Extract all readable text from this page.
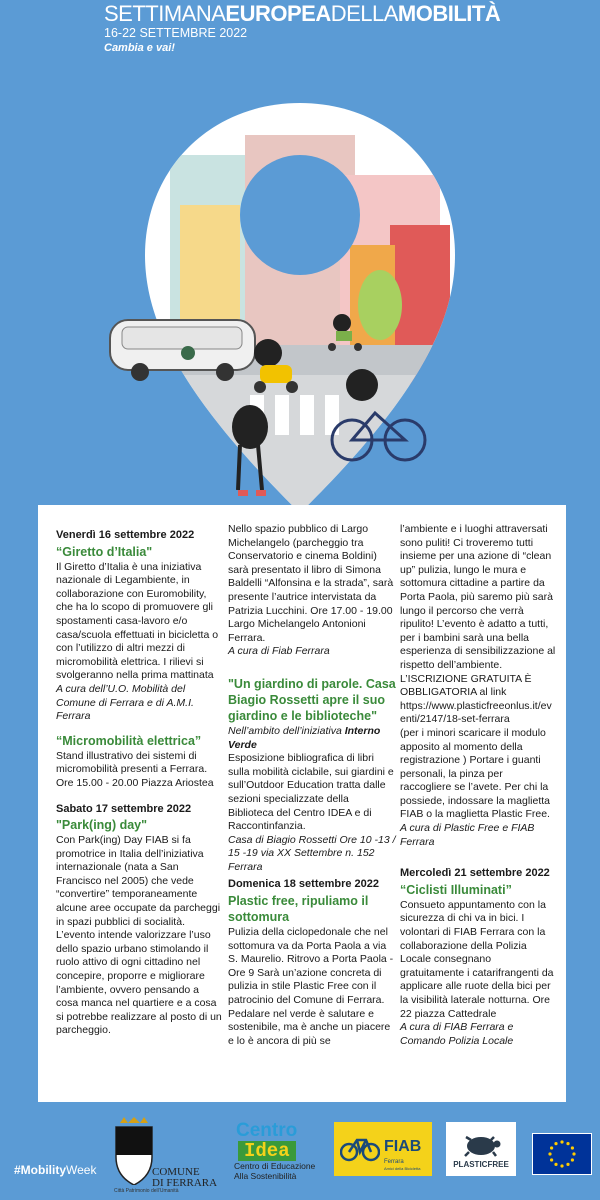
SETTIMANAEUROPEADELLAMOBILITÀ
16-22 SETTEMBRE 2022
Cambia e vai!
Venerdì 16 settembre 2022
“Giretto d’Italia"
Il Giretto d’Italia è una iniziativa nazionale di Legambiente, in collaborazione con Euromobility, che ha lo scopo di promuovere gli spostamenti casa-lavoro e/o casa/scuola effettuati in bicicletta o con l’utilizzo di altri mezzi di micromobilità elettrica. I rilievi si svolgeranno nella prima mattinata
A cura dell’U.O. Mobilità del Comune di Ferrara e di A.M.I. Ferrara
“Micromobilità elettrica”
Stand illustrativo dei sistemi di micromobilità presenti a Ferrara. Ore 15.00 - 20.00 Piazza Ariostea
Sabato 17 settembre 2022
"Park(ing) day"
Con Park(ing) Day FIAB si fa promotrice in Italia dell’iniziativa internazionale (nata a San Francisco nel 2005) che vede “convertire” temporaneamente alcune aree occupate da parcheggi in spazi pubblici di socialità. L’evento intende valorizzare l’uso dello spazio urbano stimolando il ruolo attivo di ogni cittadino nel concepire, proporre e migliorare l’ambiente, ovvero pensando a cosa manca nel quartiere e a cosa si potrebbe realizzare al posto di un parcheggio.
Nello spazio pubblico di Largo Michelangelo (parcheggio tra Conservatorio e cinema Boldini) sarà presentato il libro di Simona Baldelli “Alfonsina e la strada”, sarà presente l’autrice intervistata da Patrizia Lucchini. Ore 17.00 - 19.00 Largo Michelangelo Antonioni Ferrara.
A cura di Fiab Ferrara
"Un giardino di parole. Casa Biagio Rossetti apre il suo giardino e le biblioteche"
Nell’ambito dell’iniziativa Interno Verde
Esposizione bibliografica di libri sulla mobilità ciclabile, sui giardini e sull’Outdoor Education tratta dalle sezioni specializzate della Biblioteca del Centro IDEA e di Raccontinfanzia.
Casa di Biagio Rossetti Ore 10 -13 / 15 -19 via XX Settembre n. 152 Ferrara
Domenica 18 settembre 2022
Plastic free, ripuliamo il sottomura
Pulizia della ciclopedonale che nel sottomura va da Porta Paola a via S. Maurelio. Ritrovo a Porta Paola - Ore 9 Sarà un’azione concreta di pulizia in stile Plastic Free con il patrocinio del Comune di Ferrara. Pedalare nel verde è salutare e sostenibile, ma è anche un piacere e lo è ancora di più se
l’ambiente e i luoghi attraversati sono puliti! Ci troveremo tutti insieme per una azione di “clean up” pulizia, lungo le mura e sottomura cittadine a partire da Porta Paola, più saremo più sarà lungo il percorso che verrà ripulito! L’evento è adatto a tutti, per i bambini sarà una bella esperienza di sensibilizzazione al rispetto dell’ambiente.
L’ISCRIZIONE GRATUITA È OBBLIGATORIA al link
https://www.plasticfreeonlus.it/eventi/2147/18-set-ferrara
(per i minori scaricare il modulo apposito al momento della registrazione ) Portare i guanti personali, la pinza per raccogliere se l’avete. Per chi la possiede, indossare la maglietta FIAB o la maglietta Plastic Free.
A cura di Plastic Free e FIAB Ferrara
Mercoledì 21 settembre 2022
“Ciclisti Illuminati”
Consueto appuntamento con la sicurezza di chi va in bici. I volontari di FIAB Ferrara con la collaborazione della Polizia Locale consegnano gratuitamente i catarifrangenti da applicare alle ruote della bici per la visibilità laterale notturna. Ore 22 piazza Cattedrale
A cura di FIAB Ferrara e Comando Polizia Locale
#MobilityWeek	COMUNE
DI FERRARA
Città Patrimonio dell’Umanità
Centro
Idea
Centro di Educazione
Alla Sostenibilità
FIAB
Ferrara
Amici della Bicicletta	PLASTICFREE
